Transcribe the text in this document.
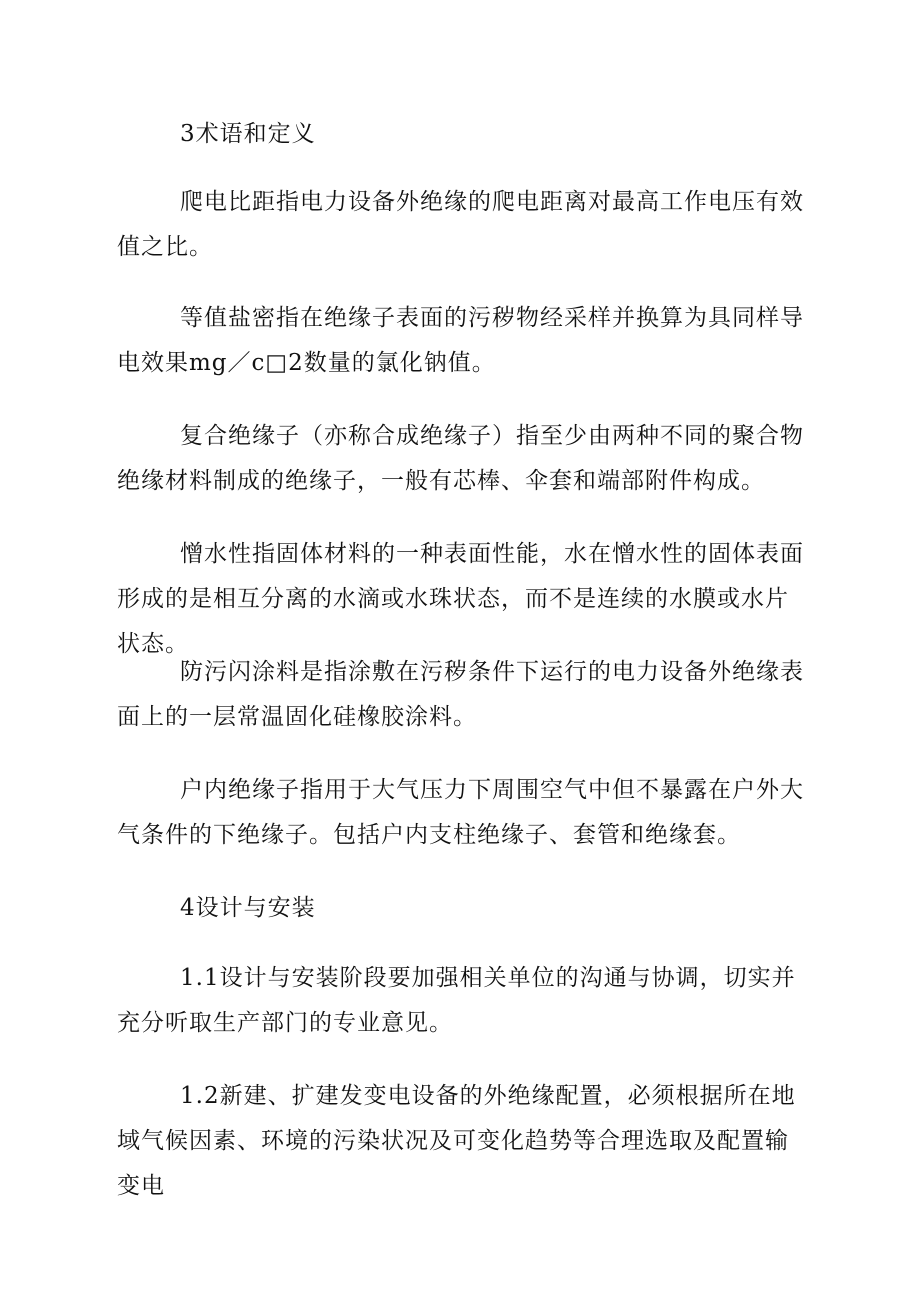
3术语和定义

爬电比距指电力设备外绝缘的爬电距离对最高工作电压有效值之比。

等值盐密指在绝缘子表面的污秽物经采样并换算为具同样导电效果mg／c□2数量的氯化钠值。

复合绝缘子（亦称合成绝缘子）指至少由两种不同的聚合物绝缘材料制成的绝缘子，一般有芯棒、伞套和端部附件构成。

憎水性指固体材料的一种表面性能，水在憎水性的固体表面形成的是相互分离的水滴或水珠状态，而不是连续的水膜或水片状态。

防污闪涂料是指涂敷在污秽条件下运行的电力设备外绝缘表面上的一层常温固化硅橡胶涂料。

户内绝缘子指用于大气压力下周围空气中但不暴露在户外大气条件的下绝缘子。包括户内支柱绝缘子、套管和绝缘套。

4设计与安装

1.1设计与安装阶段要加强相关单位的沟通与协调，切实并充分听取生产部门的专业意见。

1.2新建、扩建发变电设备的外绝缘配置，必须根据所在地域气候因素、环境的污染状况及可变化趋势等合理选取及配置输变电
